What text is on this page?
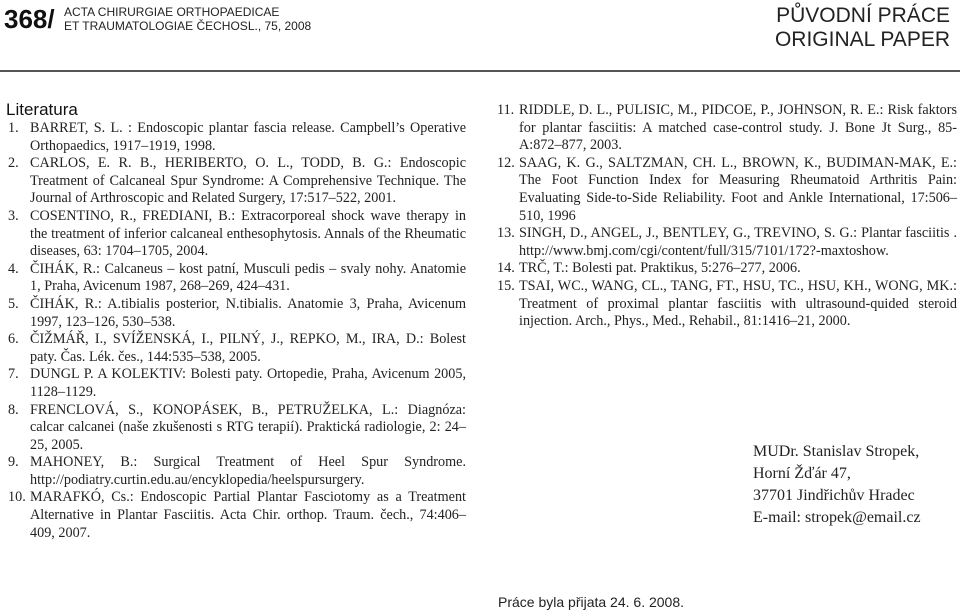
368/ ACTA CHIRURGIAE ORTHOPAEDICAE
ET TRAUMATOLOGIAE ČECHOSL., 75, 2008	PŮVODNÍ PRÁCE
ORIGINAL PAPER
Literatura
1. BARRET, S. L. : Endoscopic plantar fascia release. Campbell’s Operative Orthopaedics, 1917–1919, 1998.
2. CARLOS, E. R. B., HERIBERTO, O. L., TODD, B. G.: Endoscopic Treatment of Calcaneal Spur Syndrome: A Comprehensive Technique. The Journal of Arthroscopic and Related Surgery, 17:517–522, 2001.
3. COSENTINO, R., FREDIANI, B.: Extracorporeal shock wave therapy in the treatment of inferior calcaneal enthesophytosis. Annals of the Rheumatic diseases, 63: 1704–1705, 2004.
4. ČIHÁK, R.: Calcaneus – kost patní, Musculi pedis – svaly nohy. Anatomie 1, Praha, Avicenum 1987, 268–269, 424–431.
5. ČIHÁK, R.: A.tibialis posterior, N.tibialis. Anatomie 3, Praha, Avicenum 1997, 123–126, 530–538.
6. ČIŽMÁŘ, I., SVÍŽENSKÁ, I., PILNÝ, J., REPKO, M., IRA, D.: Bolest paty. Čas. Lék. čes., 144:535–538, 2005.
7. DUNGL P. A KOLEKTIV: Bolesti paty. Ortopedie, Praha, Avicenum 2005, 1128–1129.
8. FRENCLOVÁ, S., KONOPÁSEK, B., PETRUŽELKA, L.: Diagnóza: calcar calcanei (naše zkušenosti s RTG terapií). Praktická radiologie, 2: 24–25, 2005.
9. MAHONEY, B.: Surgical Treatment of Heel Spur Syndrome. http://podiatry.curtin.edu.au/encyklopedia/heelspursurgery.
10. MARAFKÓ, Cs.: Endoscopic Partial Plantar Fasciotomy as a Treatment Alternative in Plantar Fasciitis. Acta Chir. orthop. Traum. čech., 74:406–409, 2007.
11. RIDDLE, D. L., PULISIC, M., PIDCOE, P., JOHNSON, R. E.: Risk faktors for plantar fasciitis: A matched case-control study. J. Bone Jt Surg., 85-A:872–877, 2003.
12. SAAG, K. G., SALTZMAN, CH. L., BROWN, K., BUDIMAN-MAK, E.: The Foot Function Index for Measuring Rheumatoid Arthritis Pain: Evaluating Side-to-Side Reliability. Foot and Ankle International, 17:506–510, 1996
13. SINGH, D., ANGEL, J., BENTLEY, G., TREVINO, S. G.: Plantar fasciitis . http://www.bmj.com/cgi/content/full/315/7101/172?-maxtoshow.
14. TRČ, T.: Bolesti pat. Praktikus, 5:276–277, 2006.
15. TSAI, WC., WANG, CL., TANG, FT., HSU, TC., HSU, KH., WONG, MK.: Treatment of proximal plantar fasciitis with ultrasound-quided steroid injection. Arch., Phys., Med., Rehabil., 81:1416–21, 2000.
MUDr. Stanislav Stropek,
Horní Žďár 47,
37701 Jindřichův Hradec
E-mail: stropek@email.cz
Práce byla přijata 24. 6. 2008.
